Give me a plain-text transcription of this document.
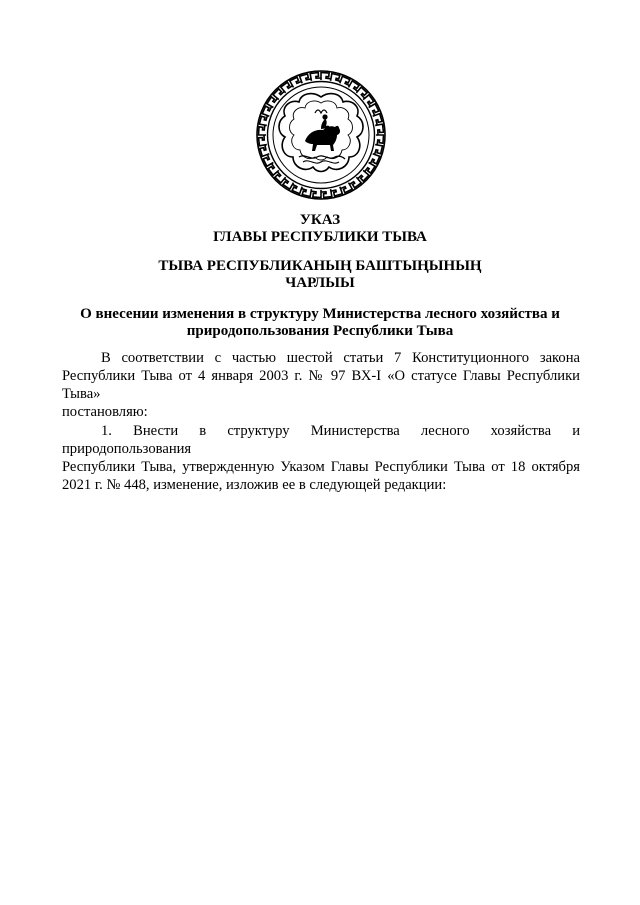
УКАЗ
ГЛАВЫ РЕСПУБЛИКИ ТЫВА
ТЫВА РЕСПУБЛИКАНЫҢ БАШТЫҢЫНЫҢ
ЧАРЛЫЫ
О внесении изменения в структуру Министерства лесного хозяйства и
природопользования Республики Тыва
В соответствии с частью шестой статьи 7 Конституционного закона
Республики Тыва от 4 января 2003 г. № 97 ВХ-I «О статусе Главы Республики Тыва»
постановляю:
1. Внести в структуру Министерства лесного хозяйства и природопользования
Республики Тыва, утвержденную Указом Главы Республики Тыва от 18 октября
2021 г. № 448, изменение, изложив ее в следующей редакции:
